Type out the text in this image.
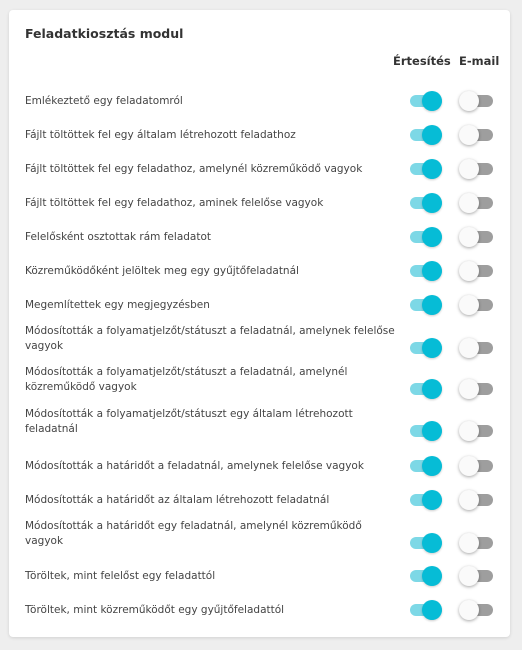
Feladatkiosztás modul
Értesítés E-mail
Emlékeztető egy feladatomról
Fájlt töltöttek fel egy általam létrehozott feladathoz
Fájlt töltöttek fel egy feladathoz, amelynél közreműködő vagyok
Fájlt töltöttek fel egy feladathoz, aminek felelőse vagyok
Felelősként osztottak rám feladatot
Közreműködőként jelöltek meg egy gyűjtőfeladatnál
Megemlítettek egy megjegyzésben
Módosították a folyamatjelzőt/státuszt a feladatnál, amelynek felelőse vagyok
Módosították a folyamatjelzőt/státuszt a feladatnál, amelynél közreműködő vagyok
Módosították a folyamatjelzőt/státuszt egy általam létrehozott feladatnál
Módosították a határidőt a feladatnál, amelynek felelőse vagyok
Módosították a határidőt az általam létrehozott feladatnál
Módosították a határidőt egy feladatnál, amelynél közreműködő vagyok
Töröltek, mint felelőst egy feladattól
Töröltek, mint közreműködőt egy gyűjtőfeladattól
